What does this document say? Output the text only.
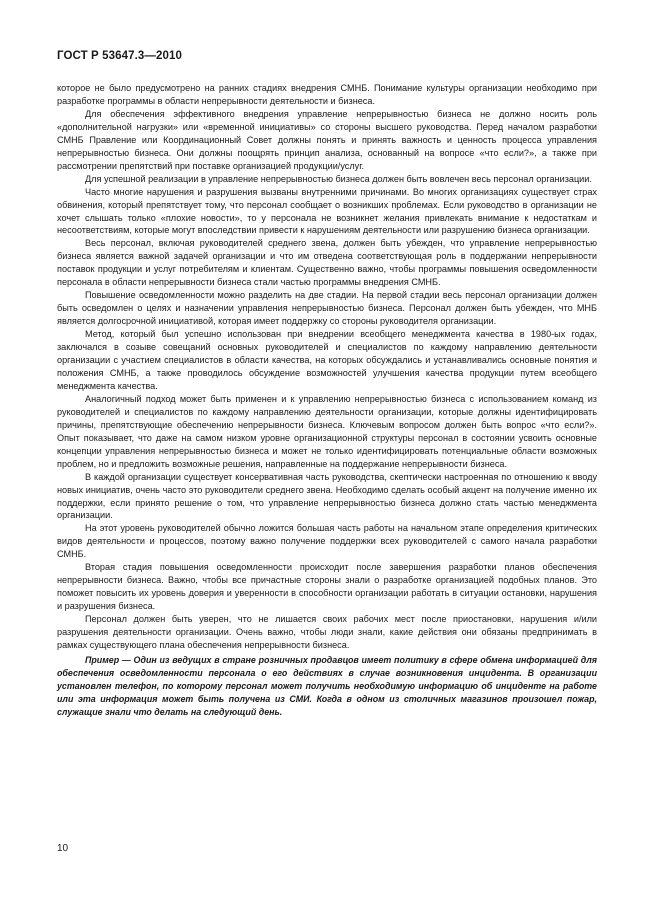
ГОСТ Р 53647.3—2010

которое не было предусмотрено на ранних стадиях внедрения СМНБ. Понимание культуры организации необходимо при разработке программы в области непрерывности деятельности и бизнеса.

Для обеспечения эффективного внедрения управление непрерывностью бизнеса не должно носить роль «дополнительной нагрузки» или «временной инициативы» со стороны высшего руководства. Перед началом разработки СМНБ Правление или Координационный Совет должны понять и принять важность и ценность процесса управления непрерывностью бизнеса. Они должны поощрять принцип анализа, основанный на вопросе «что если?», а также при рассмотрении препятствий при поставке организацией продукции/услуг.

Для успешной реализации в управление непрерывностью бизнеса должен быть вовлечен весь персонал организации.

Часто многие нарушения и разрушения вызваны внутренними причинами. Во многих организациях существует страх обвинения, который препятствует тому, что персонал сообщает о возникших проблемах. Если руководство в организации не хочет слышать только «плохие новости», то у персонала не возникнет желания привлекать внимание к недостаткам и несоответствиям, которые могут впоследствии привести к нарушениям деятельности или разрушению бизнеса организации.

Весь персонал, включая руководителей среднего звена, должен быть убежден, что управление непрерывностью бизнеса является важной задачей организации и что им отведена соответствующая роль в поддержании непрерывности поставок продукции и услуг потребителям и клиентам. Существенно важно, чтобы программы повышения осведомленности персонала в области непрерывности бизнеса стали частью программы внедрения СМНБ.

Повышение осведомленности можно разделить на две стадии. На первой стадии весь персонал организации должен быть осведомлен о целях и назначении управления непрерывностью бизнеса. Персонал должен быть убежден, что МНБ является долгосрочной инициативой, которая имеет поддержку со стороны руководителя организации.

Метод, который был успешно использован при внедрении всеобщего менеджмента качества в 1980-ых годах, заключался в созыве совещаний основных руководителей и специалистов по каждому направлению деятельности организации с участием специалистов в области качества, на которых обсуждались и устанавливались основные понятия и положения СМНБ, а также проводилось обсуждение возможностей улучшения качества продукции путем всеобщего менеджмента качества.

Аналогичный подход может быть применен и к управлению непрерывностью бизнеса с использованием команд из руководителей и специалистов по каждому направлению деятельности организации, которые должны идентифицировать причины, препятствующие обеспечению непрерывности бизнеса. Ключевым вопросом должен быть вопрос «что если?». Опыт показывает, что даже на самом низком уровне организационной структуры персонал в состоянии усвоить основные концепции управления непрерывностью бизнеса и может не только идентифицировать потенциальные области возможных проблем, но и предложить возможные решения, направленные на поддержание непрерывности бизнеса.

В каждой организации существует консервативная часть руководства, скептически настроенная по отношению к вводу новых инициатив, очень часто это руководители среднего звена. Необходимо сделать особый акцент на получение именно их поддержки, если принято решение о том, что управление непрерывностью бизнеса должно стать частью менеджмента организации.

На этот уровень руководителей обычно ложится большая часть работы на начальном этапе определения критических видов деятельности и процессов, поэтому важно получение поддержки всех руководителей с самого начала разработки СМНБ.

Вторая стадия повышения осведомленности происходит после завершения разработки планов обеспечения непрерывности бизнеса. Важно, чтобы все причастные стороны знали о разработке организацией подобных планов. Это поможет повысить их уровень доверия и уверенности в способности организации работать в ситуации остановки, нарушения и разрушения бизнеса.

Персонал должен быть уверен, что не лишается своих рабочих мест после приостановки, нарушения и/или разрушения деятельности организации. Очень важно, чтобы люди знали, какие действия они обязаны предпринимать в рамках существующего плана обеспечения непрерывности бизнеса.

Пример — Один из ведущих в стране розничных продавцов имеет политику в сфере обмена информацией для обеспечения осведомленности персонала о его действиях в случае возникновения инцидента. В организации установлен телефон, по которому персонал может получить необходимую информацию об инциденте на работе или эта информация может быть получена из СМИ. Когда в одном из столичных магазинов произошел пожар, служащие знали что делать на следующий день.

10
